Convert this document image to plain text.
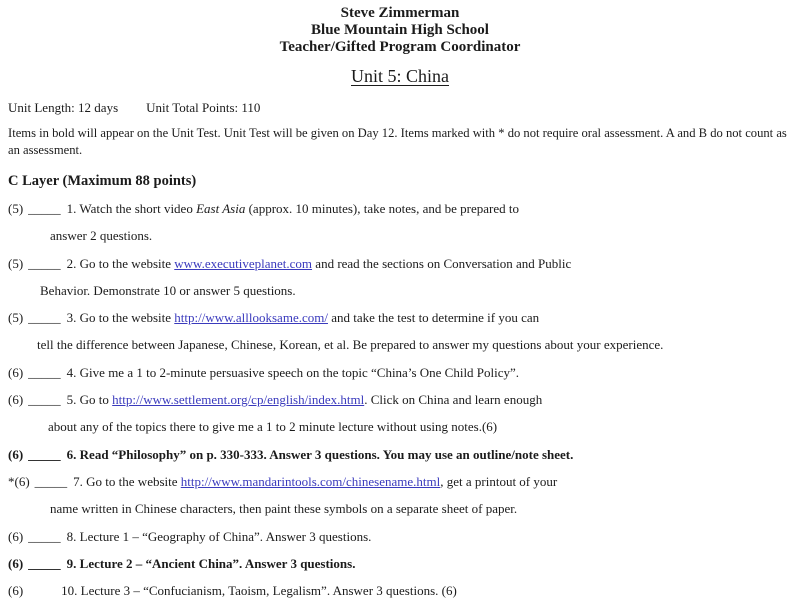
Steve Zimmerman
Blue Mountain High School
Teacher/Gifted Program Coordinator
Unit 5: China
Unit Length: 12 days Unit Total Points: 110
Items in bold will appear on the Unit Test. Unit Test will be given on Day 12. Items marked with * do not require oral assessment. A and B do not count as an assessment.
C Layer (Maximum 88 points)
(5) _____ 1. Watch the short video East Asia (approx. 10 minutes), take notes, and be prepared to
answer 2 questions.
(5) _____ 2. Go to the website www.executiveplanet.com and read the sections on Conversation and Public
Behavior. Demonstrate 10 or answer 5 questions.
(5) _____ 3. Go to the website http://www.alllooksame.com/ and take the test to determine if you can
tell the difference between Japanese, Chinese, Korean, et al. Be prepared to answer my questions about your experience.
(6) _____ 4. Give me a 1 to 2-minute persuasive speech on the topic “China’s One Child Policy”.
(6) _____ 5. Go to http://www.settlement.org/cp/english/index.html. Click on China and learn enough
about any of the topics there to give me a 1 to 2 minute lecture without using notes.(6)
(6) _____ 6. Read “Philosophy” on p. 330-333. Answer 3 questions. You may use an outline/note sheet.
*(6) _____ 7. Go to the website http://www.mandarintools.com/chinesename.html, get a printout of your
name written in Chinese characters, then paint these symbols on a separate sheet of paper.
(6) _____ 8. Lecture 1 – “Geography of China”. Answer 3 questions.
(6) _____ 9. Lecture 2 – “Ancient China”. Answer 3 questions.
(6)	10. Lecture 3 – “Confucianism, Taoism, Legalism”. Answer 3 questions. (6)
